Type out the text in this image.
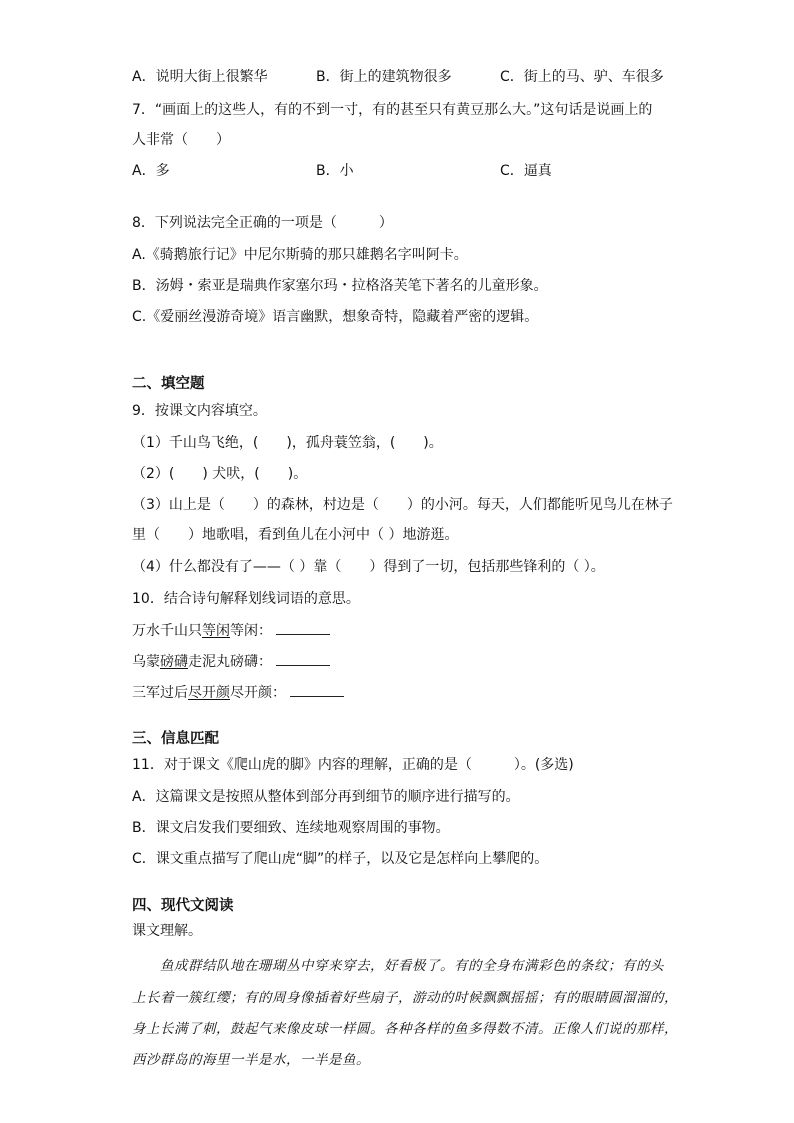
A．说明大街上很繁华	B．街上的建筑物很多	C．街上的马、驴、车很多
7．“画面上的这些人，有的不到一寸，有的甚至只有黄豆那么大。”这句话是说画上的
人非常（　　）
A．多	B．小	C．逼真
8．下列说法完全正确的一项是（　　　）
A.《骑鹅旅行记》中尼尔斯骑的那只雄鹅名字叫阿卡。
B．汤姆・索亚是瑞典作家塞尔玛・拉格洛芙笔下著名的儿童形象。
C.《爱丽丝漫游奇境》语言幽默，想象奇特，隐藏着严密的逻辑。
二、填空题
9．按课文内容填空。
（1）千山鸟飞绝，(　　)，孤舟蓑笠翁，(　　)。
（2）(　　) 犬吠，(　　)。
（3）山上是（　　）的森林，村边是（　　）的小河。每天，人们都能听见鸟儿在林子
里（　　）地歌唱，看到鱼儿在小河中（ ）地游逛。
（4）什么都没有了——（ ）靠（　　）得到了一切，包括那些锋利的（ ）。
10．结合诗句解释划线词语的意思。
万水千山只等闲等闲：
乌蒙磅礴走泥丸磅礴：
三军过后尽开颜尽开颜：
三、信息匹配
11．对于课文《爬山虎的脚》内容的理解，正确的是（　　　）。(多选)
A．这篇课文是按照从整体到部分再到细节的顺序进行描写的。
B．课文启发我们要细致、连续地观察周围的事物。
C．课文重点描写了爬山虎“脚”的样子，以及它是怎样向上攀爬的。
四、现代文阅读
课文理解。
鱼成群结队地在珊瑚丛中穿来穿去，好看极了。有的全身布满彩色的条纹；有的头
上长着一簇红缨；有的周身像插着好些扇子，游动的时候飘飘摇摇；有的眼睛圆溜溜的，
身上长满了刺，鼓起气来像皮球一样圆。各种各样的鱼多得数不清。正像人们说的那样，
西沙群岛的海里一半是水，一半是鱼。
